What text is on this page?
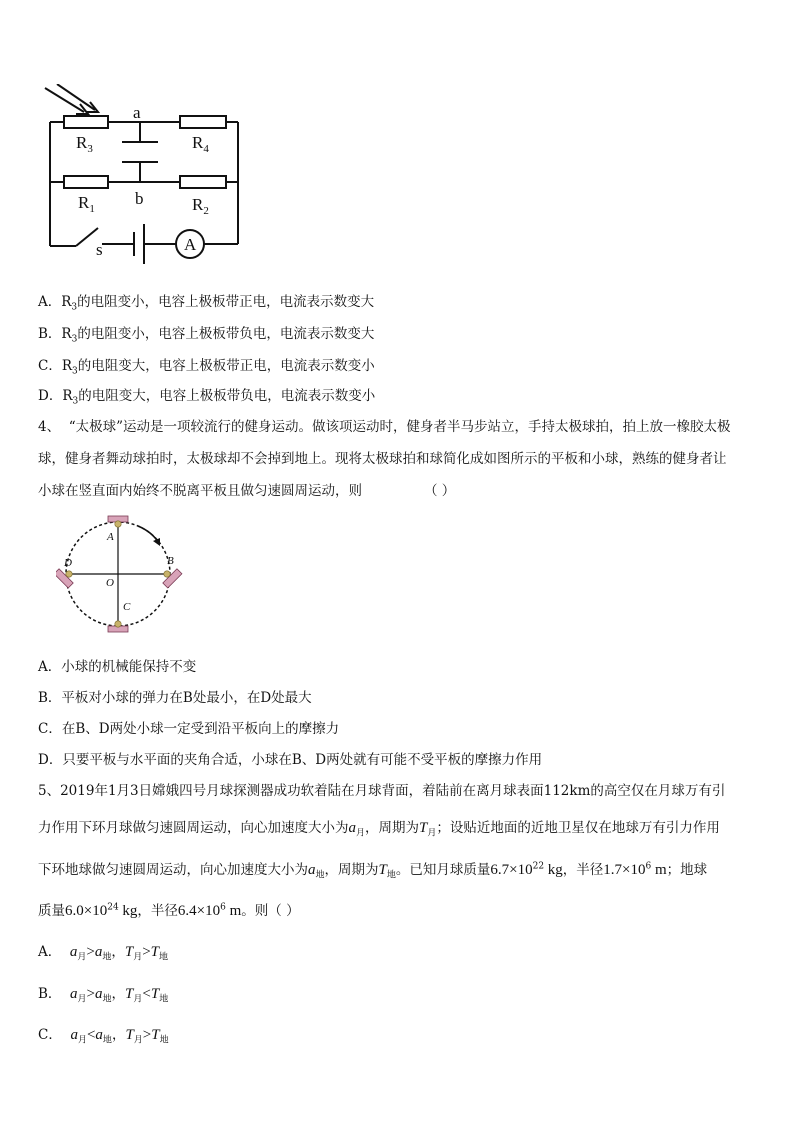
a
b
s	A
$R_3$	$R_4$
$R_1$	$R_2$
A．$R_3$的电阻变小，电容上极板带正电，电流表示数变大
B．$R_3$的电阻变小，电容上极板带负电，电流表示数变大
C．$R_3$的电阻变大，电容上极板带正电，电流表示数变小
D．$R_3$的电阻变大，电容上极板带负电，电流表示数变小
4、 “太极球”运动是一项较流行的健身运动。做该项运动时，健身者半马步站立，手持太极球拍，拍上放一橡胶太极
球，健身者舞动球拍时，太极球却不会掉到地上。现将太极球拍和球简化成如图所示的平板和小球，熟练的健身者让
小球在竖直面内始终不脱离平板且做匀速圆周运动，则	（ ）
A
B
C
D
O
A．小球的机械能保持不变
B．平板对小球的弹力在B处最小，在D处最大
C．在B、D两处小球一定受到沿平板向上的摩擦力
D．只要平板与水平面的夹角合适，小球在B、D两处就有可能不受平板的摩擦力作用
5、2019年1月3日嫦娥四号月球探测器成功软着陆在月球背面，着陆前在离月球表面112km的高空仅在月球万有引
力作用下环月球做匀速圆周运动，向心加速度大小为$a_月$，周期为$T_月$；设贴近地面的近地卫星仅在地球万有引力作用
下环地球做匀速圆周运动，向心加速度大小为$a_地$，周期为$T_地$。已知月球质量$6.7\times 10^{22}$ kg，半径$1.7\times 10^6$ m；地球
质量$6.0\times 10^{24}$ kg，半径$6.4\times 10^6$ m。则（ ）
A． $a_月>a_地$，$T_月>T_地$
B． $a_月>a_地$，$T_月<T_地$
C． $a_月<a_地$，$T_月>T_地$
